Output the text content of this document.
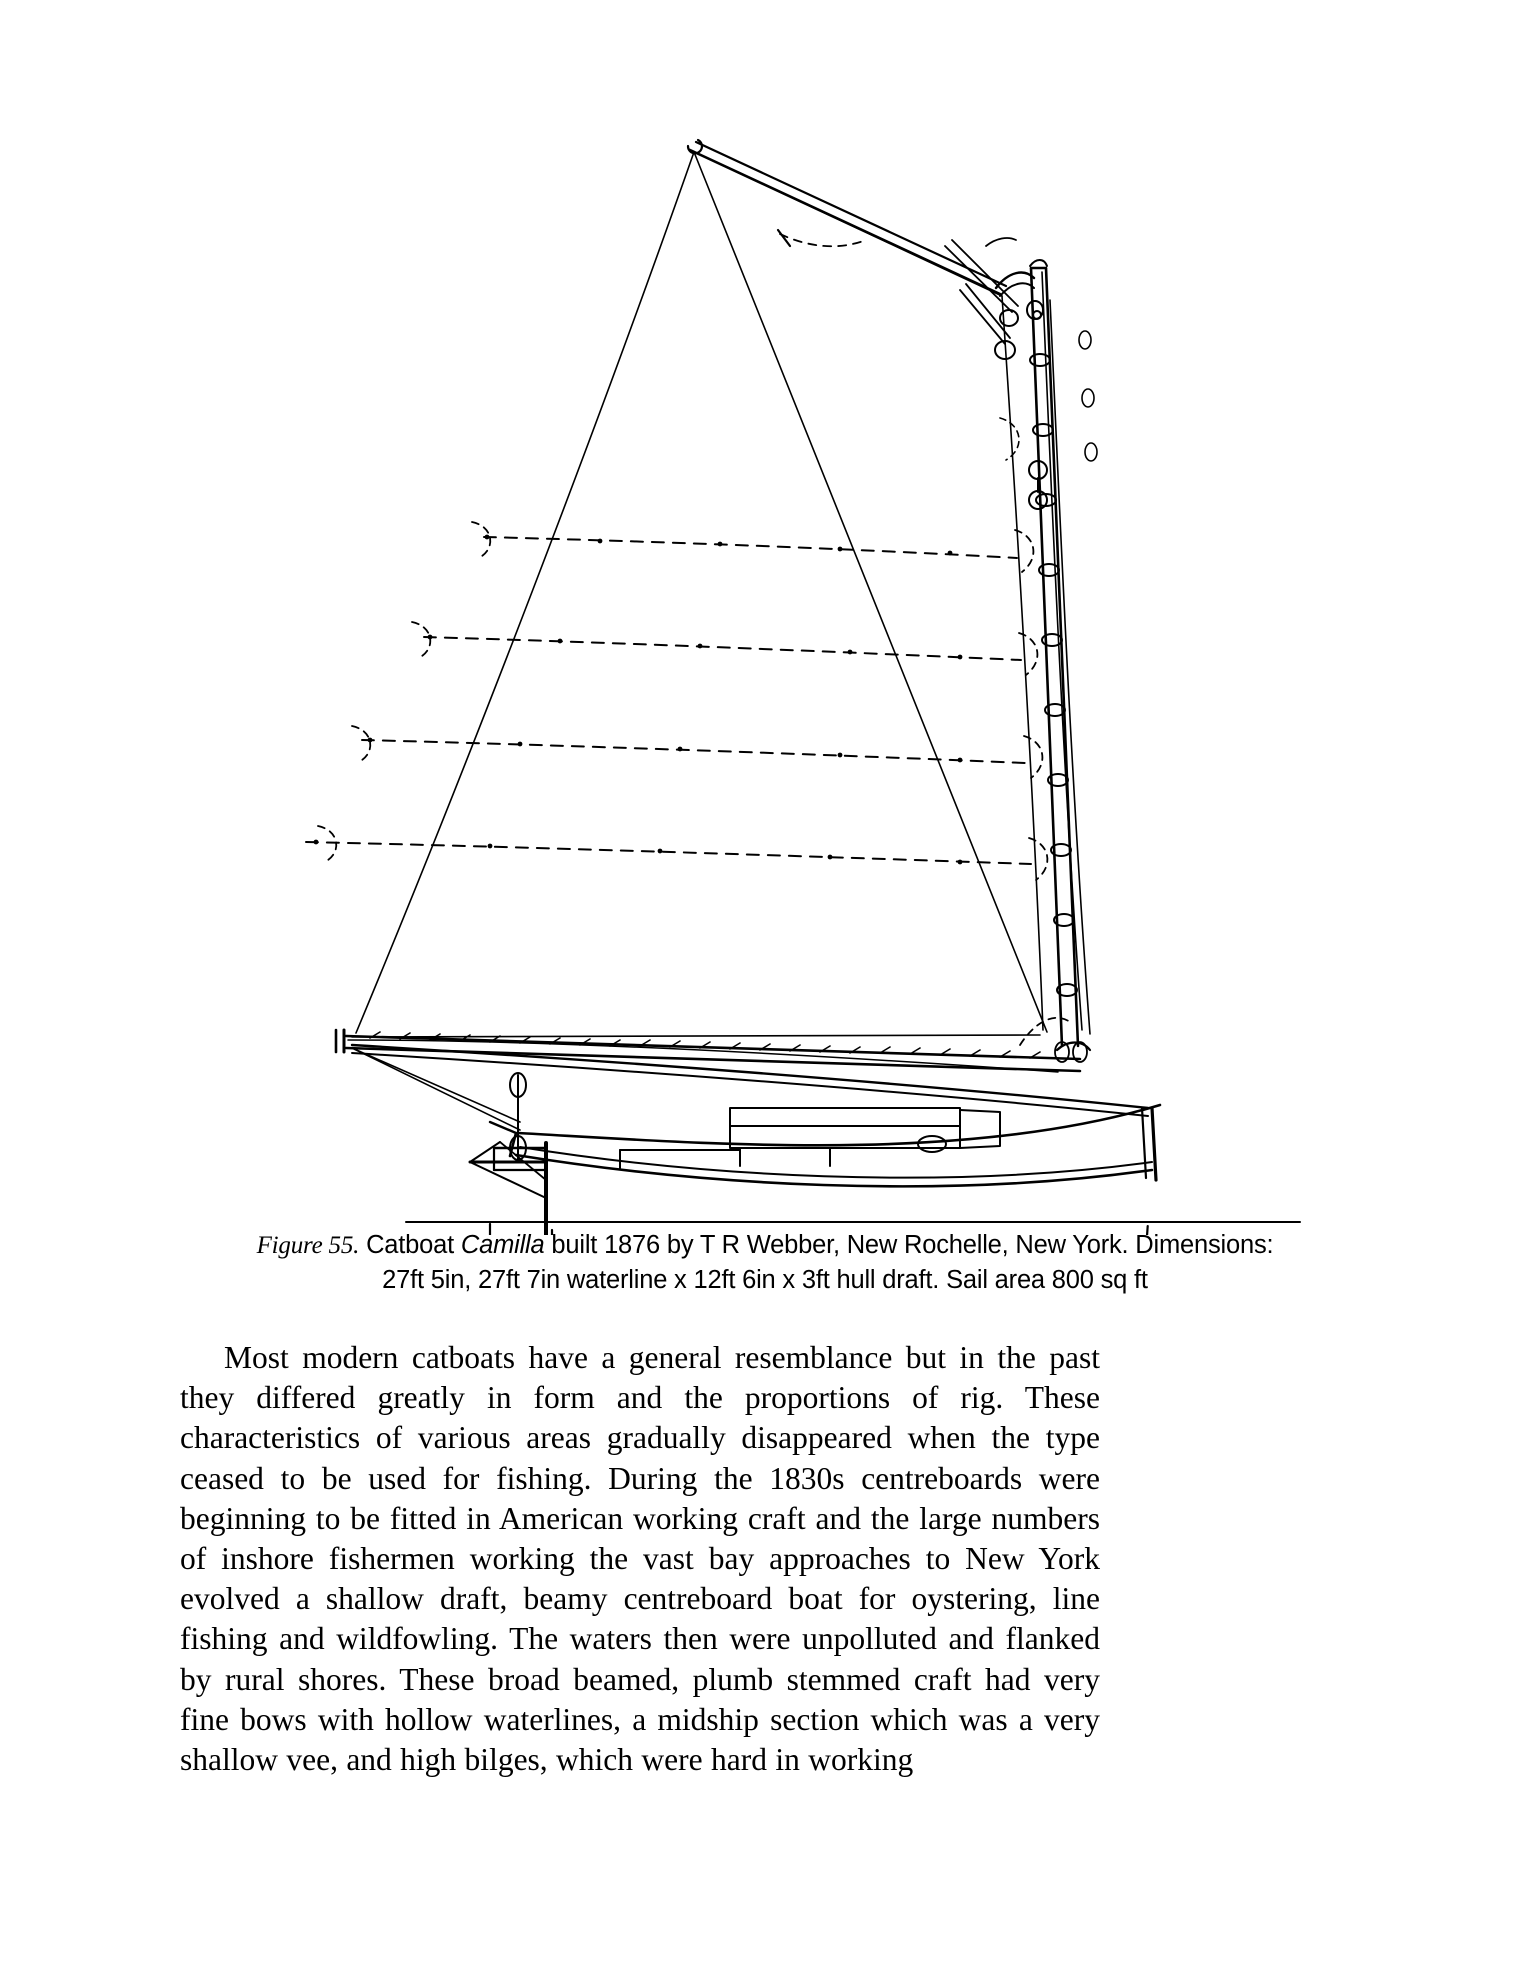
Figure 55. Catboat Camilla built 1876 by T R Webber, New Rochelle, New York. Dimensions:
27ft 5in, 27ft 7in waterline x 12ft 6in x 3ft hull draft. Sail area 800 sq ft

Most modern catboats have a general resemblance but in the past they differed greatly in form and the proportions of rig. These characteristics of various areas gradually disappeared when the type ceased to be used for fishing. During the 1830s centreboards were beginning to be fitted in American working craft and the large numbers of inshore fishermen working the vast bay approaches to New York evolved a shallow draft, beamy centreboard boat for oystering, line fishing and wildfowling. The waters then were unpolluted and flanked by rural shores. These broad beamed, plumb stemmed craft had very fine bows with hollow waterlines, a midship section which was a very shallow vee, and high bilges, which were hard in working
